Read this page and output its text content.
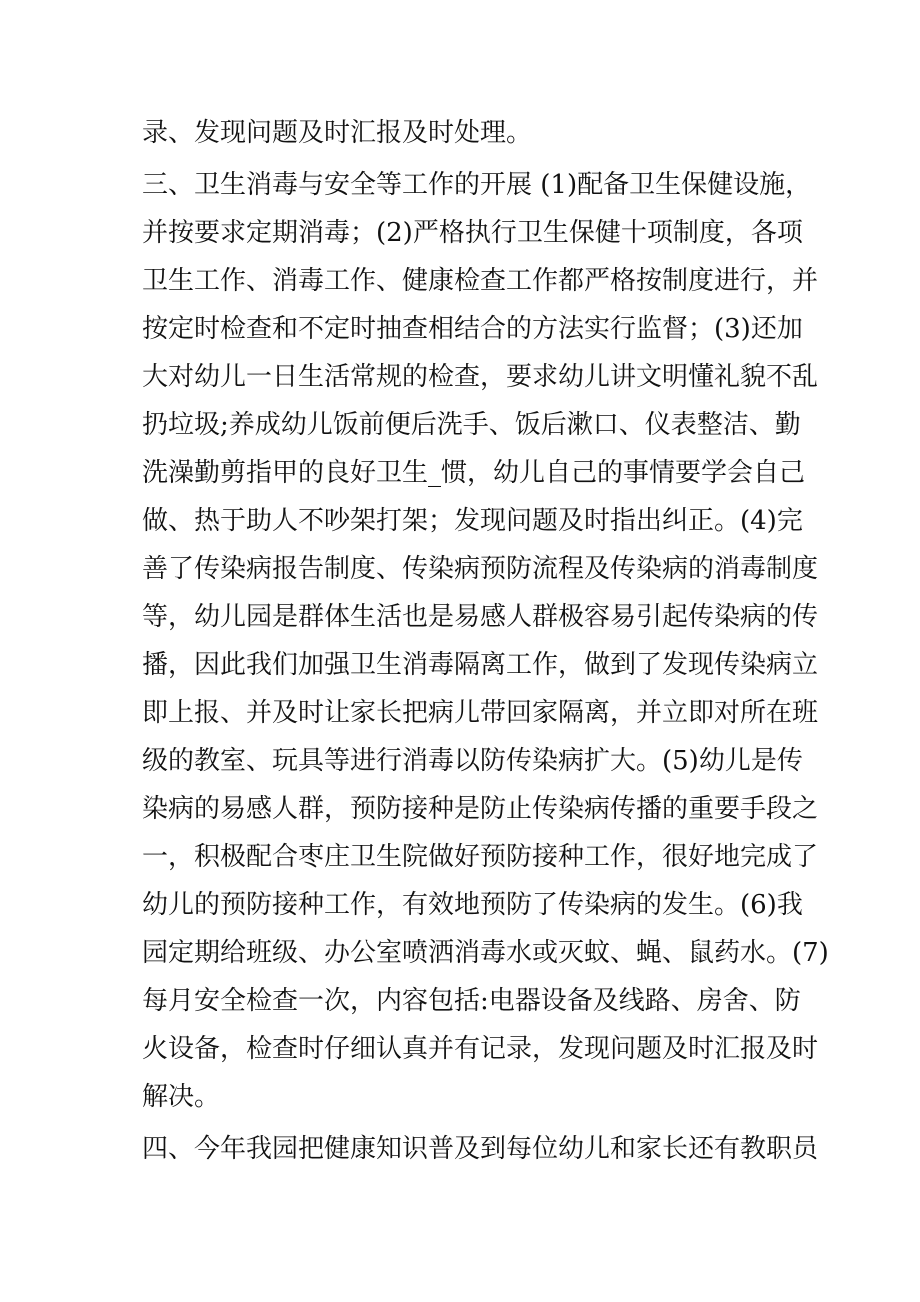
录、发现问题及时汇报及时处理。
三、卫生消毒与安全等工作的开展 (1)配备卫生保健设施，
并按要求定期消毒；(2)严格执行卫生保健十项制度，各项
卫生工作、消毒工作、健康检查工作都严格按制度进行，并
按定时检查和不定时抽查相结合的方法实行监督；(3)还加
大对幼儿一日生活常规的检查，要求幼儿讲文明懂礼貌不乱
扔垃圾;养成幼儿饭前便后洗手、饭后漱口、仪表整洁、勤
洗澡勤剪指甲的良好卫生_惯，幼儿自己的事情要学会自己
做、热于助人不吵架打架；发现问题及时指出纠正。(4)完
善了传染病报告制度、传染病预防流程及传染病的消毒制度
等，幼儿园是群体生活也是易感人群极容易引起传染病的传
播，因此我们加强卫生消毒隔离工作，做到了发现传染病立
即上报、并及时让家长把病儿带回家隔离，并立即对所在班
级的教室、玩具等进行消毒以防传染病扩大。(5)幼儿是传
染病的易感人群，预防接种是防止传染病传播的重要手段之
一，积极配合枣庄卫生院做好预防接种工作，很好地完成了
幼儿的预防接种工作，有效地预防了传染病的发生。(6)我
园定期给班级、办公室喷洒消毒水或灭蚊、蝇、鼠药水。(7)
每月安全检查一次，内容包括:电器设备及线路、房舍、防
火设备，检查时仔细认真并有记录，发现问题及时汇报及时
解决。
四、今年我园把健康知识普及到每位幼儿和家长还有教职员
